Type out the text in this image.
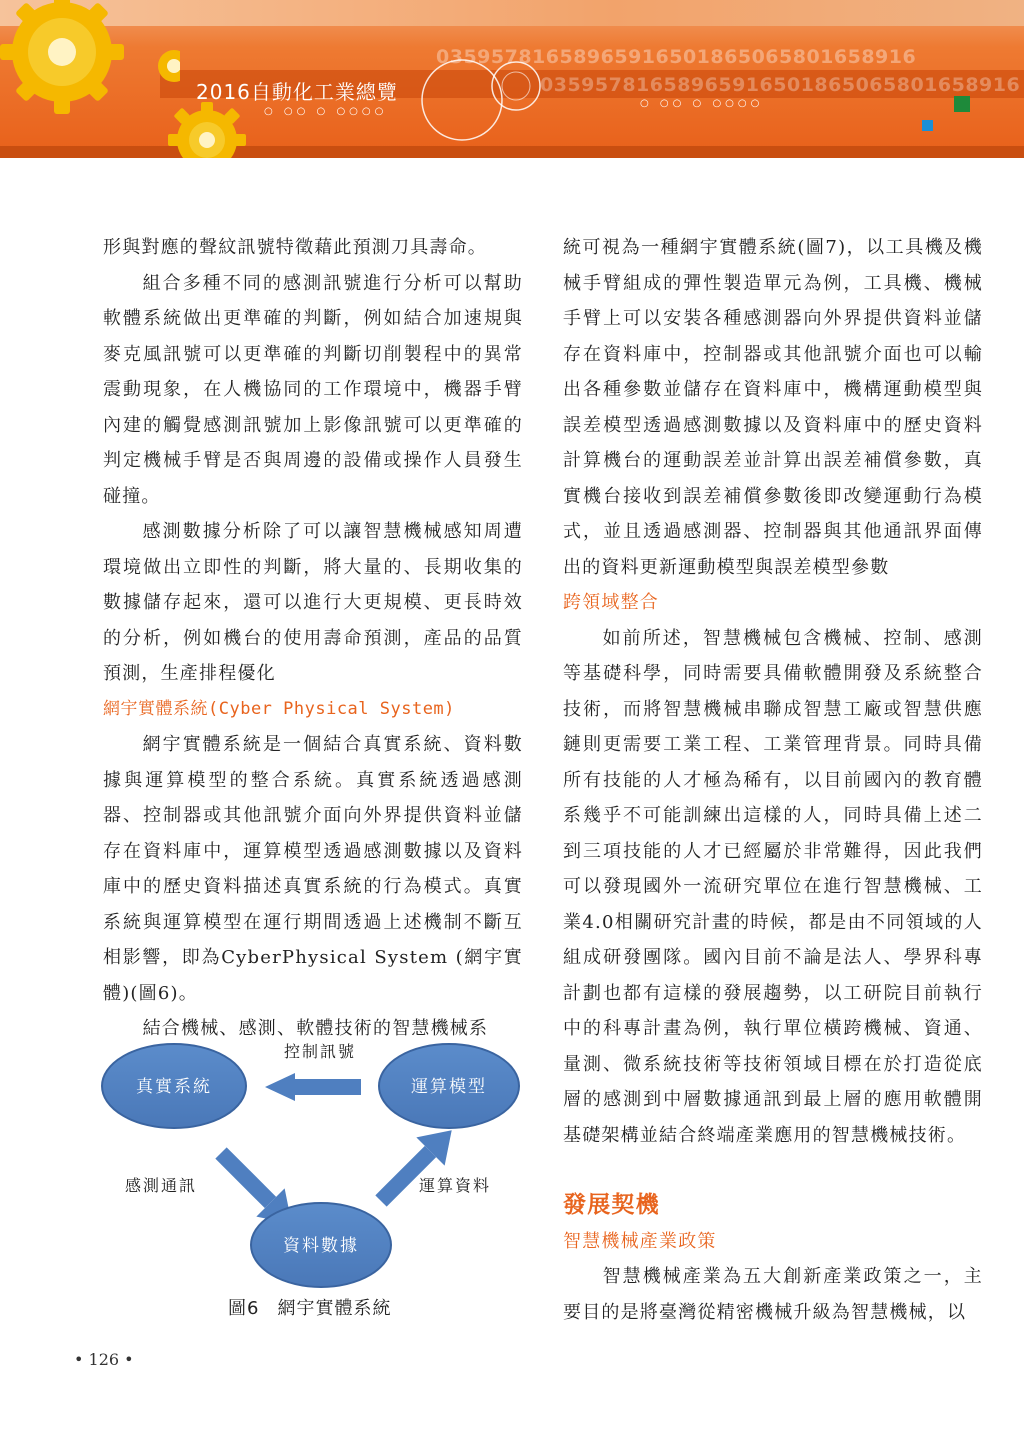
03595781658965916501865065801658916
03595781658965916501865065801658916
2016自動化工業總覽
○ ○○ ○ ○○○○
○ ○○ ○ ○○○○

形與對應的聲紋訊號特徵藉此預測刀具壽命。

組合多種不同的感測訊號進行分析可以幫助軟體系統做出更準確的判斷，例如結合加速規與麥克風訊號可以更準確的判斷切削製程中的異常震動現象，在人機協同的工作環境中，機器手臂內建的觸覺感測訊號加上影像訊號可以更準確的判定機械手臂是否與周邊的設備或操作人員發生碰撞。

感測數據分析除了可以讓智慧機械感知周遭環境做出立即性的判斷，將大量的、長期收集的數據儲存起來，還可以進行大更規模、更長時效的分析，例如機台的使用壽命預測，產品的品質預測，生產排程優化

網宇實體系統(Cyber Physical System)

網宇實體系統是一個結合真實系統、資料數據與運算模型的整合系統。真實系統透過感測器、控制器或其他訊號介面向外界提供資料並儲存在資料庫中，運算模型透過感測數據以及資料庫中的歷史資料描述真實系統的行為模式。真實系統與運算模型在運行期間透過上述機制不斷互相影響，即為CyberPhysical System (網宇實體)(圖6)。

結合機械、感測、軟體技術的智慧機械系

真實系統	運算模型
資料數據
控制訊號
感測通訊	運算資料
圖6 網宇實體系統

統可視為一種網宇實體系統(圖7)，以工具機及機械手臂組成的彈性製造單元為例，工具機、機械手臂上可以安裝各種感測器向外界提供資料並儲存在資料庫中，控制器或其他訊號介面也可以輸出各種參數並儲存在資料庫中，機構運動模型與誤差模型透過感測數據以及資料庫中的歷史資料計算機台的運動誤差並計算出誤差補償參數，真實機台接收到誤差補償參數後即改變運動行為模式，並且透過感測器、控制器與其他通訊界面傳出的資料更新運動模型與誤差模型參數

跨領域整合

如前所述，智慧機械包含機械、控制、感測等基礎科學，同時需要具備軟體開發及系統整合技術，而將智慧機械串聯成智慧工廠或智慧供應鏈則更需要工業工程、工業管理背景。同時具備所有技能的人才極為稀有，以目前國內的教育體系幾乎不可能訓練出這樣的人，同時具備上述二到三項技能的人才已經屬於非常難得，因此我們可以發現國外一流研究單位在進行智慧機械、工業4.0相關研究計畫的時候，都是由不同領域的人組成研發團隊。國內目前不論是法人、學界科專計劃也都有這樣的發展趨勢，以工研院目前執行中的科專計畫為例，執行單位橫跨機械、資通、量測、微系統技術等技術領域目標在於打造從底層的感測到中層數據通訊到最上層的應用軟體開基礎架構並結合終端產業應用的智慧機械技術。

發展契機

智慧機械產業政策

智慧機械產業為五大創新產業政策之一，主要目的是將臺灣從精密機械升級為智慧機械，以

• 126 •
